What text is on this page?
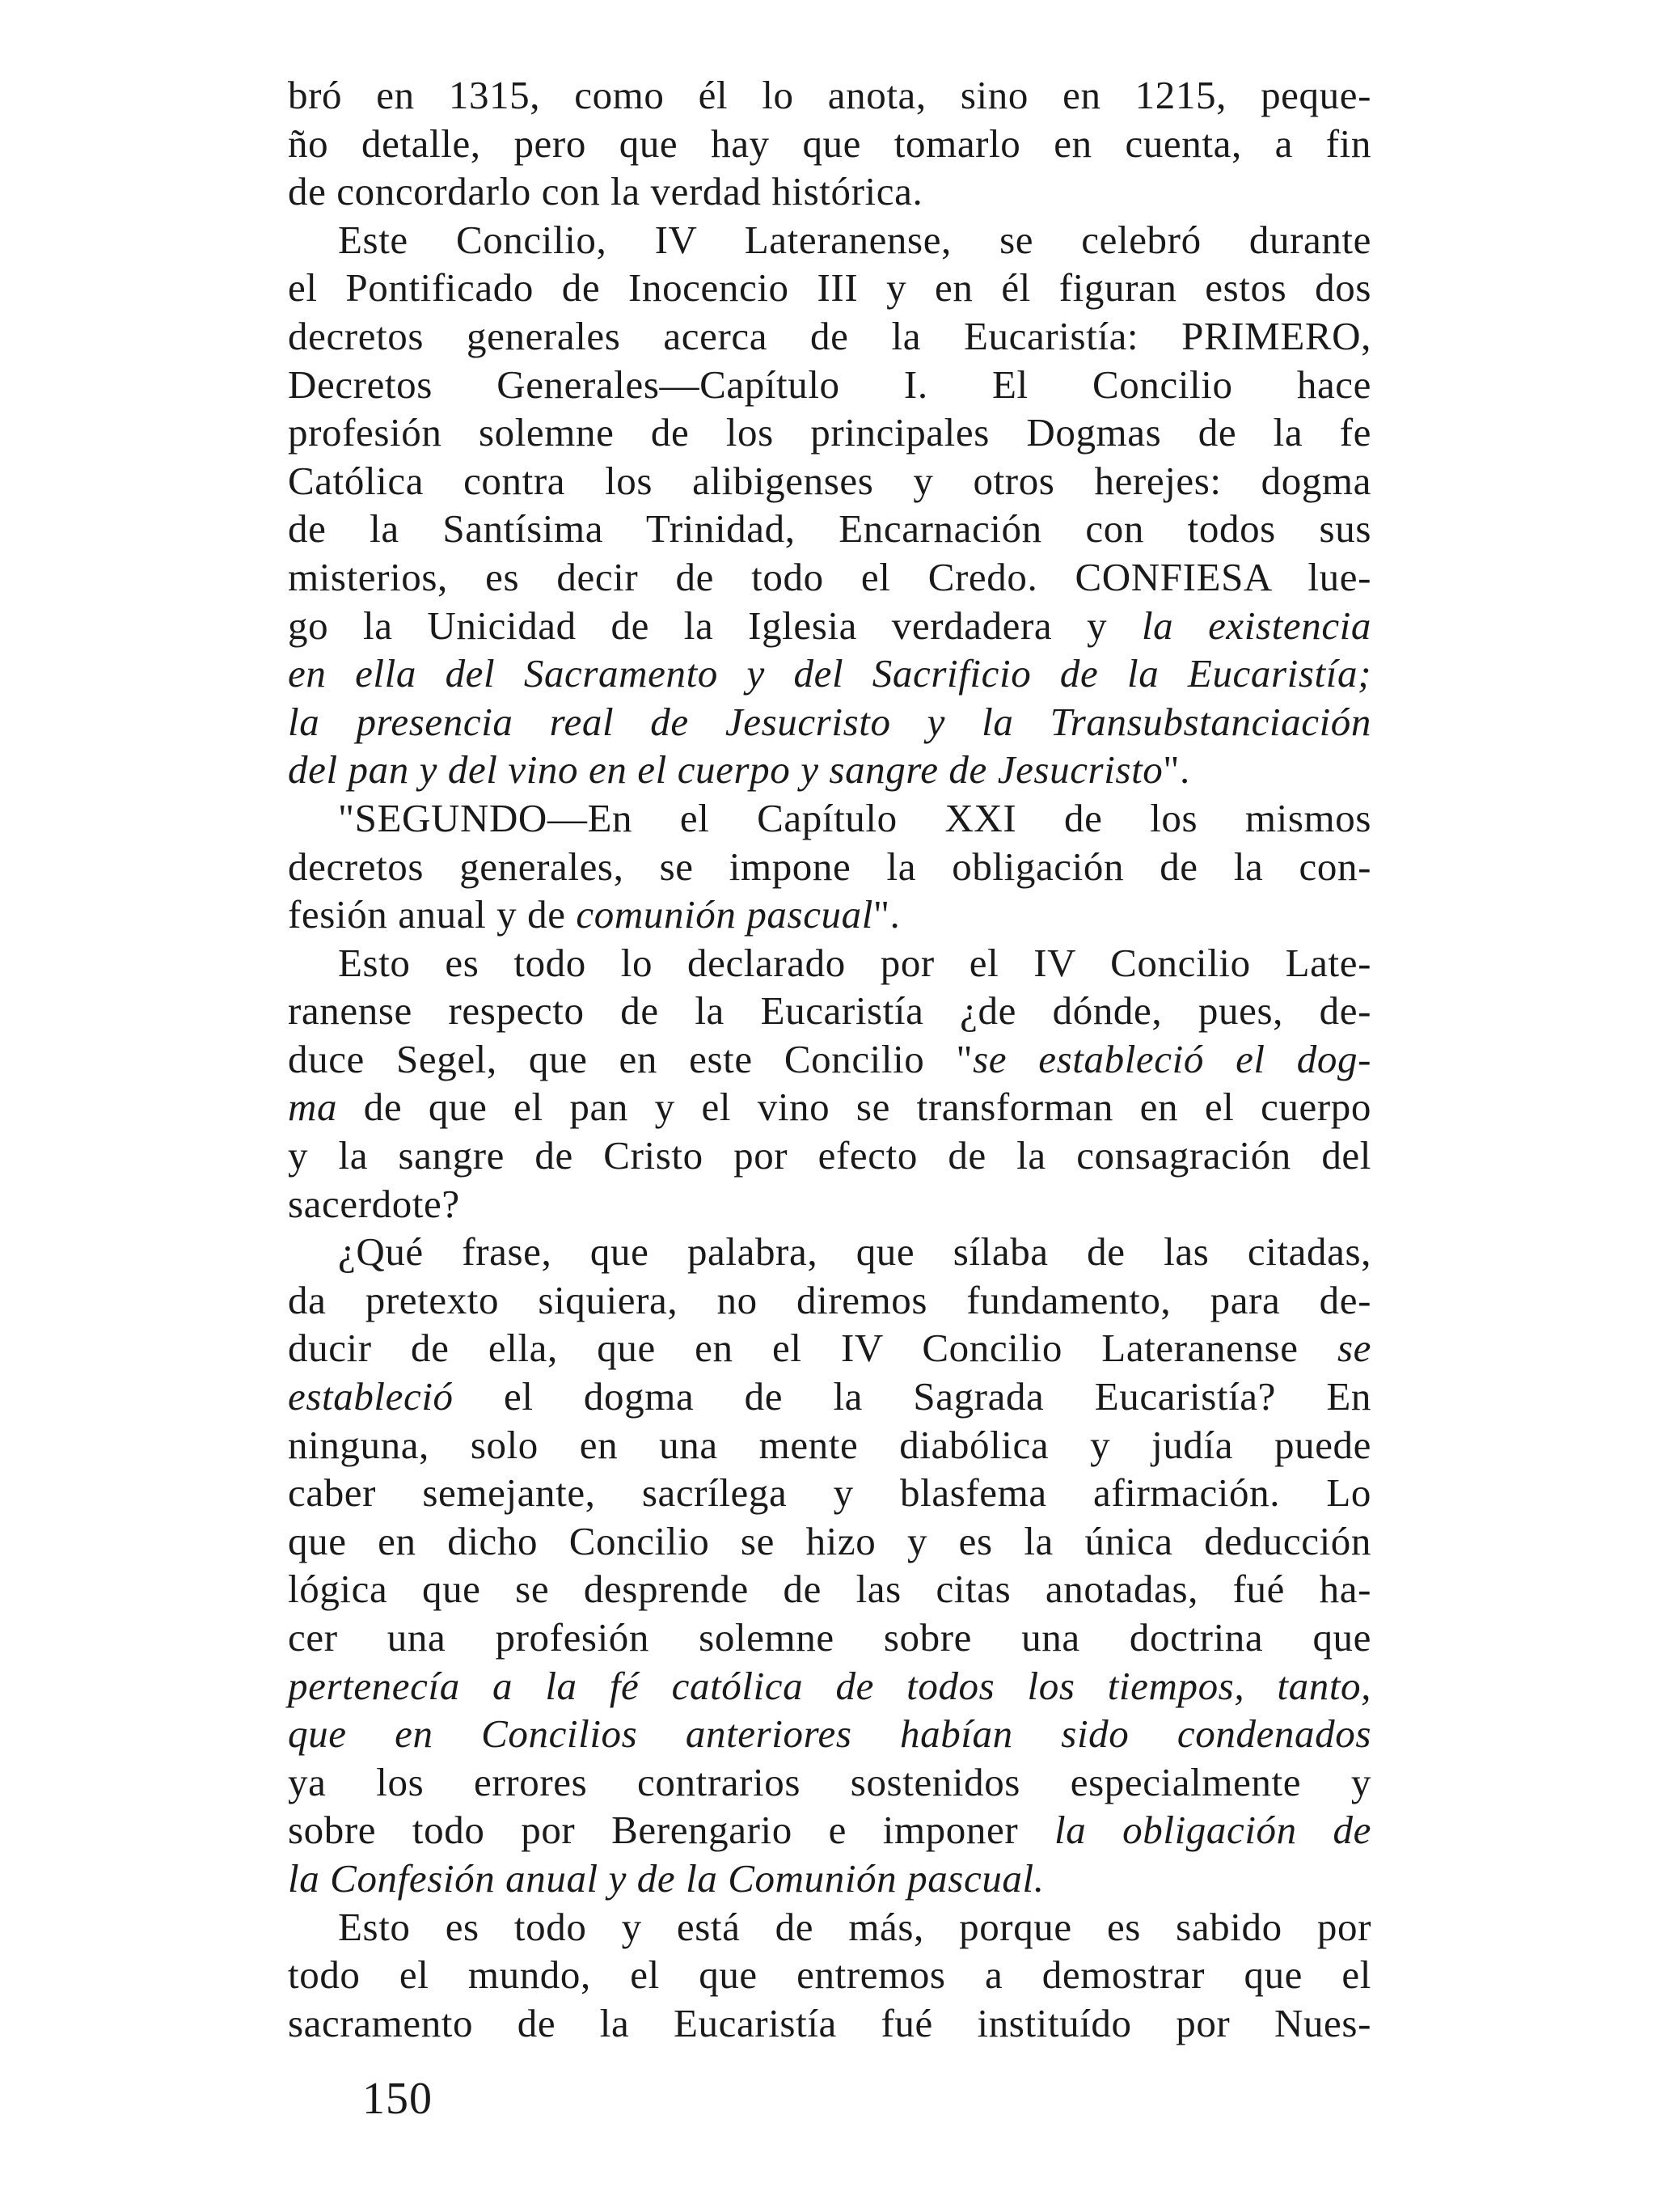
bró en 1315, como él lo anota, sino en 1215, peque-
ño detalle, pero que hay que tomarlo en cuenta, a fin
de concordarlo con la verdad histórica.
Este Concilio, IV Lateranense, se celebró durante
el Pontificado de Inocencio III y en él figuran estos dos
decretos generales acerca de la Eucaristía: PRIMERO,
Decretos Generales—Capítulo I. El Concilio hace
profesión solemne de los principales Dogmas de la fe
Católica contra los alibigenses y otros herejes: dogma
de la Santísima Trinidad, Encarnación con todos sus
misterios, es decir de todo el Credo. CONFIESA lue-
go la Unicidad de la Iglesia verdadera y la existencia
en ella del Sacramento y del Sacrificio de la Eucaristía;
la presencia real de Jesucristo y la Transubstanciación
del pan y del vino en el cuerpo y sangre de Jesucristo".
"SEGUNDO—En el Capítulo XXI de los mismos
decretos generales, se impone la obligación de la con-
fesión anual y de comunión pascual".
Esto es todo lo declarado por el IV Concilio Late-
ranense respecto de la Eucaristía ¿de dónde, pues, de-
duce Segel, que en este Concilio "se estableció el dog-
ma de que el pan y el vino se transforman en el cuerpo
y la sangre de Cristo por efecto de la consagración del
sacerdote?
¿Qué frase, que palabra, que sílaba de las citadas,
da pretexto siquiera, no diremos fundamento, para de-
ducir de ella, que en el IV Concilio Lateranense se
estableció el dogma de la Sagrada Eucaristía? En
ninguna, solo en una mente diabólica y judía puede
caber semejante, sacrílega y blasfema afirmación. Lo
que en dicho Concilio se hizo y es la única deducción
lógica que se desprende de las citas anotadas, fué ha-
cer una profesión solemne sobre una doctrina que
pertenecía a la fé católica de todos los tiempos, tanto,
que en Concilios anteriores habían sido condenados
ya los errores contrarios sostenidos especialmente y
sobre todo por Berengario e imponer la obligación de
la Confesión anual y de la Comunión pascual.
Esto es todo y está de más, porque es sabido por
todo el mundo, el que entremos a demostrar que el
sacramento de la Eucaristía fué instituído por Nues-
150
